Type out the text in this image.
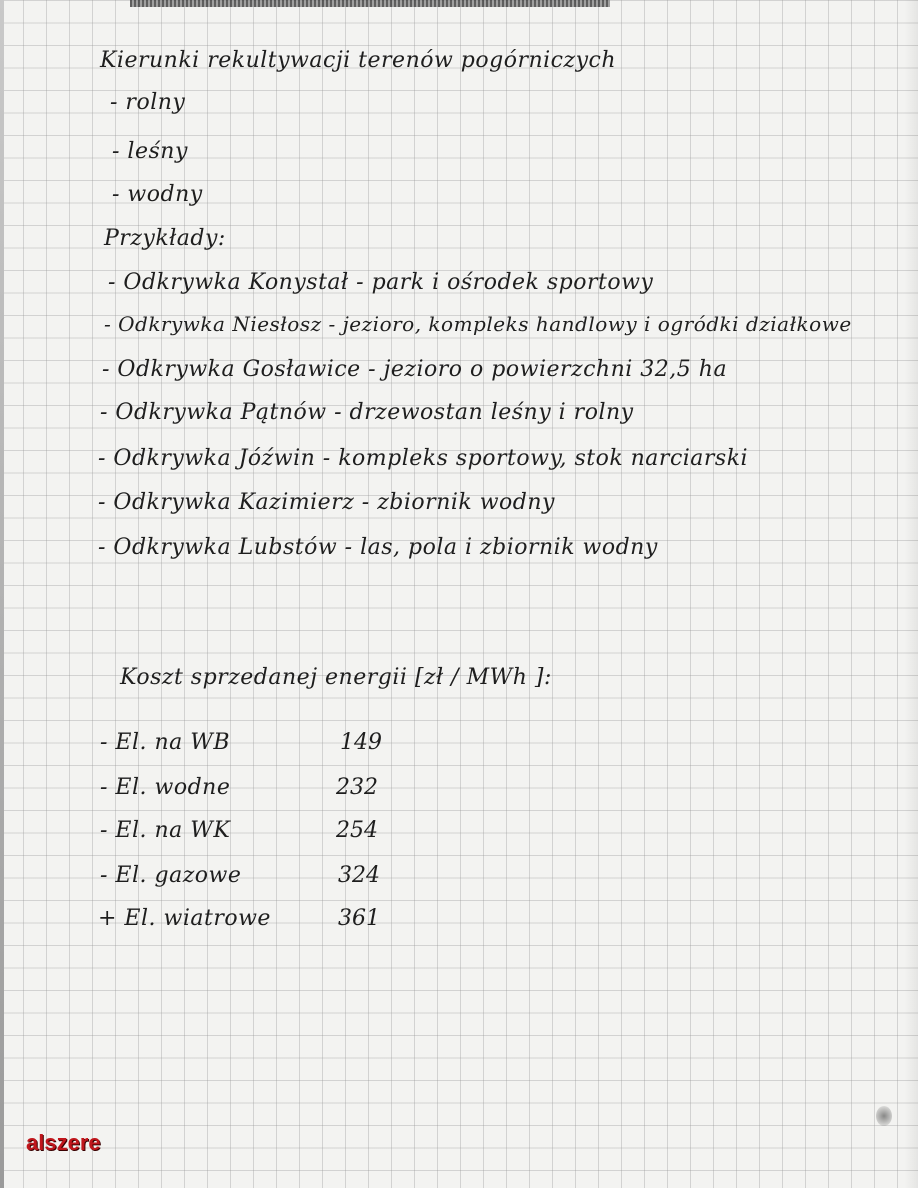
Kierunki rekultywacji terenów pogórniczych
- rolny
- leśny
- wodny
Przykłady:
- Odkrywka Konystał - park i ośrodek sportowy
- Odkrywka Niesłosz - jezioro, kompleks handlowy i ogródki działkowe
- Odkrywka Gosławice - jezioro o powierzchni 32,5 ha
- Odkrywka Pątnów - drzewostan leśny i rolny
- Odkrywka Jóźwin - kompleks sportowy, stok narciarski
- Odkrywka Kazimierz - zbiornik wodny
- Odkrywka Lubstów - las, pola i zbiornik wodny
Koszt sprzedanej energii [zł / MWh ]:
- El. na WB	149
- El. wodne	232
- El. na WK	254
- El. gazowe	324
+ El. wiatrowe	361
alszere
